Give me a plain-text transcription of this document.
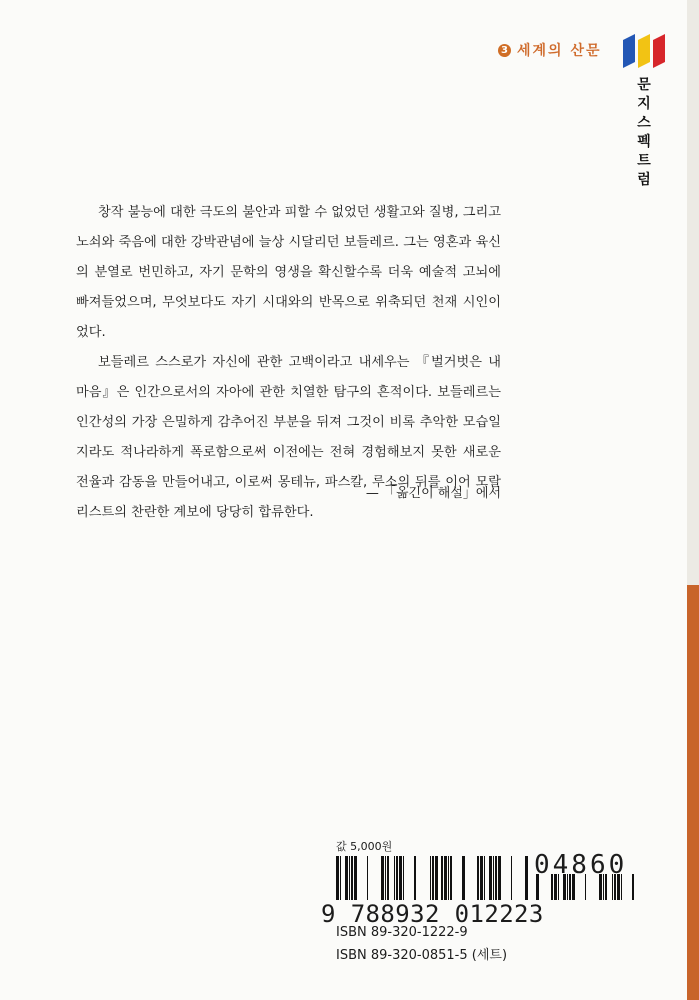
3 세계의 산문
문지스펙트럼

창작 불능에 대한 극도의 불안과 피할 수 없었던 생활고와 질병, 그리고 노쇠와 죽음에 대한 강박관념에 늘상 시달리던 보들레르. 그는 영혼과 육신의 분열로 번민하고, 자기 문학의 영생을 확신할수록 더욱 예술적 고뇌에 빠져들었으며, 무엇보다도 자기 시대와의 반목으로 위축되던 천재 시인이었다.

보들레르 스스로가 자신에 관한 고백이라고 내세우는 『벌거벗은 내 마음』은 인간으로서의 자아에 관한 치열한 탐구의 흔적이다. 보들레르는 인간성의 가장 은밀하게 감추어진 부분을 뒤져 그것이 비록 추악한 모습일지라도 적나라하게 폭로함으로써 이전에는 전혀 경험해보지 못한 새로운 전율과 감동을 만들어내고, 이로써 몽테뉴, 파스칼, 루소의 뒤를 이어 모랄리스트의 찬란한 계보에 당당히 합류한다.

— 「옮긴이 해설」에서
값 5,000원
9 788932 012223
04860
ISBN 89-320-1222-9
ISBN 89-320-0851-5 (세트)
